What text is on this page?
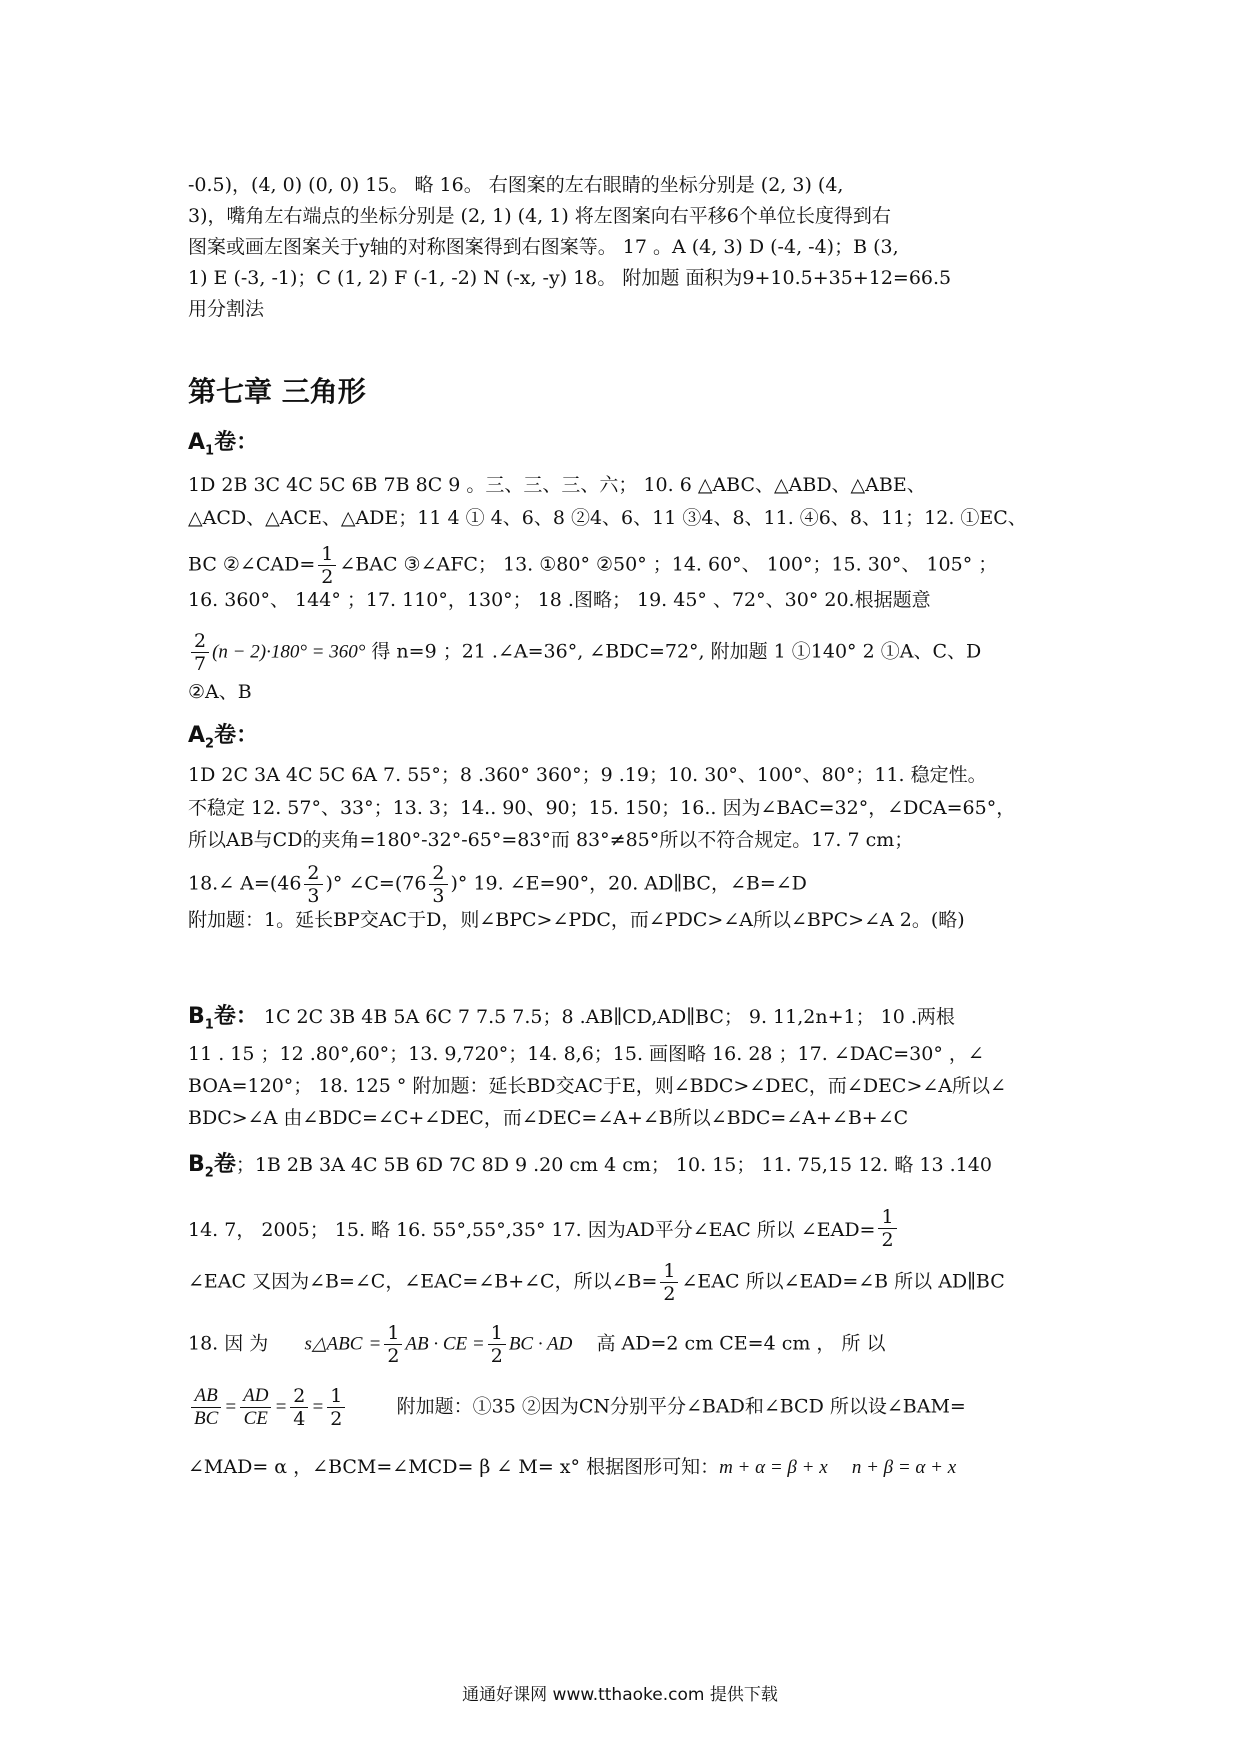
-0.5)，(4, 0) (0, 0) 15。 略 16。 右图案的左右眼睛的坐标分别是 (2, 3) (4,
3)，嘴角左右端点的坐标分别是 (2, 1) (4, 1) 将左图案向右平移6个单位长度得到右
图案或画左图案关于y轴的对称图案得到右图案等。 17 。A (4, 3) D (-4, -4)；B (3,
1) E (-3, -1)；C (1, 2) F (-1, -2) N (-x, -y) 18。 附加题 面积为9+10.5+35+12=66.5
用分割法
第七章 三角形
$A_1$卷：
1D 2B 3C 4C 5C 6B 7B 8C 9 。三、三、三、六； 10. 6 △ABC、△ABD、△ABE、
△ACD、△ACE、△ADE；11 4 ① 4、6、8 ②4、6、11 ③4、8、11. ④6、8、11；12. ①EC、
BC ②∠CAD= $\frac{1}{2}$ ∠BAC ③∠AFC； 13. ①80° ②50° ；14. 60°、 100°；15. 30°、 105° ；
16. 360°、 144° ；17. 110°，130°； 18 .图略； 19. 45° 、72°、30° 20.根据题意
$\frac{2}{7} (n - 2)\cdot 180^\circ = 360^\circ$ 得 n=9 ；21 .∠A=36°, ∠BDC=72°, 附加题 1 ①140° 2 ①A、C、D
②A、B
$A_2$卷：
1D 2C 3A 4C 5C 6A 7. 55°；8 .360° 360°；9 .19；10. 30°、100°、80°；11. 稳定性。
不稳定 12. 57°、33°；13. 3；14.. 90、90；15. 150；16.. 因为∠BAC=32°，∠DCA=65°，
所以AB与CD的夹角=180°-32°-65°=83°而 83°≠85°所以不符合规定。17. 7 cm；
18.∠ $A=(46 \frac{2}{3}$ )° ∠C=(76 $\frac{2}{3}$ )° 19. ∠E=90°，20. AD∥BC，∠B=∠D
附加题：1。延长BP交AC于D，则∠BPC>∠PDC，而∠PDC>∠A所以∠BPC>∠A 2。(略)
$B_1$卷： 1C 2C 3B 4B 5A 6C 7 7.5 7.5；8 .AB∥CD,AD∥BC； 9. 11,2n+1； 10 .两根
11 . 15 ；12 .80°,60°；13. 9,720°；14. 8,6；15. 画图略 16. 28 ；17. ∠DAC=30° ，∠
BOA=120°； 18. 125 ° 附加题：延长BD交AC于E，则∠BDC>∠DEC，而∠DEC>∠A所以∠
BDC>∠A 由∠BDC=∠C+∠DEC，而∠DEC=∠A+∠B所以∠BDC=∠A+∠B+∠C
$B_2$卷；1B 2B 3A 4C 5B 6D 7C 8D 9 .20 cm 4 cm； 10. 15； 11. 75,15 12. 略 13 .140
14. 7， 2005； 15. 略 16. 55°,55°,35° 17. 因为AD平分∠EAC 所以 ∠EAD= $\frac{1}{2}$
∠EAC 又因为∠B=∠C，∠EAC=∠B+∠C，所以∠B= $\frac{1}{2}$ ∠EAC 所以∠EAD=∠B 所以 AD∥BC
18. 因 为 s△ABC = $\frac{1}{2}$ AB · CE = $\frac{1}{2}$ BC · AD 高 AD=2 cm CE=4 cm ， 所 以
$\frac{AB}{BC} = \frac{AD}{CE} = \frac{2}{4} = \frac{1}{2}$	附加题：①35 ②因为CN分别平分∠BAD和∠BCD 所以设∠BAM=
∠MAD= α ，∠BCM=∠MCD= β ∠ M= x° 根据图形可知：m + α = β + x n + β = α + x
通通好课网 www.tthaoke.com 提供下载
